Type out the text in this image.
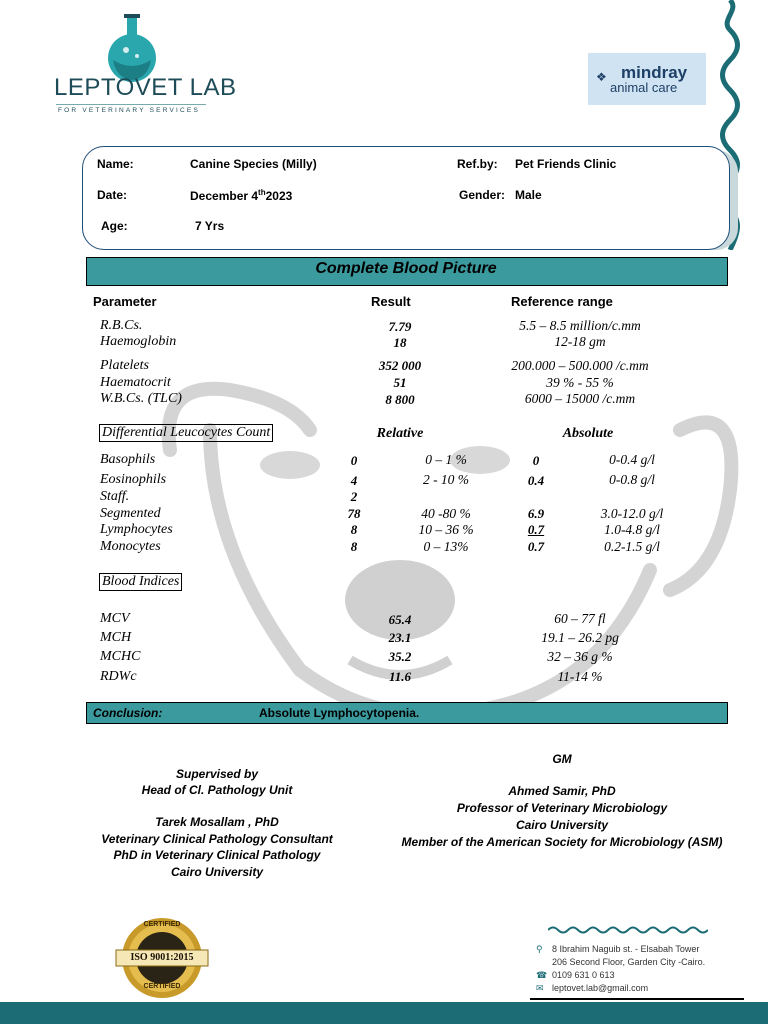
LEPTOVET LAB
FOR VETERINARY SERVICES
❖ mindray
animal care
Name:	Canine Species (Milly)	Ref.by: Pet Friends Clinic
Date:	December 4th2023	Gender: Male
Age:	7 Yrs
Complete Blood Picture
Parameter	Result	Reference range
R.B.Cs.	7.79	5.5 – 8.5 million/c.mm
Haemoglobin	18	12-18 gm
Platelets	352 000	200.000 – 500.000 /c.mm
Haematocrit	51	39 % - 55 %
W.B.Cs. (TLC)	8 800	6000 – 15000 /c.mm
Differential Leucocytes Count	Relative	Absolute
Basophils	0	0 – 1 %	0	0-0.4 g/l
Eosinophils	4	2 - 10 %	0.4	0-0.8 g/l
Staff.	2
Segmented	78	40 -80 %	6.9	3.0-12.0 g/l
Lymphocytes	8	10 – 36 %	0.7	1.0-4.8 g/l
Monocytes	8	0 – 13%	0.7	0.2-1.5 g/l
Blood Indices
MCV	65.4	60 – 77 fl
MCH	23.1	19.1 – 26.2 pg
MCHC	35.2	32 – 36 g %
RDWc	11.6	11-14 %
Conclusion:	Absolute Lymphocytopenia.
Supervised by
Head of Cl. Pathology Unit
Tarek Mosallam , PhD
Veterinary Clinical Pathology Consultant
PhD in Veterinary Clinical Pathology
Cairo University
GM
Ahmed Samir, PhD
Professor of Veterinary Microbiology
Cairo University
Member of the American Society for Microbiology (ASM)
CERTIFIED
ISO 9001:2015
CERTIFIED
⚲ 8 Ibrahim Naguib st. - Elsabah Tower
206 Second Floor, Garden City -Cairo.
☎ 0109 631 0 613
✉ leptovet.lab@gmail.com
